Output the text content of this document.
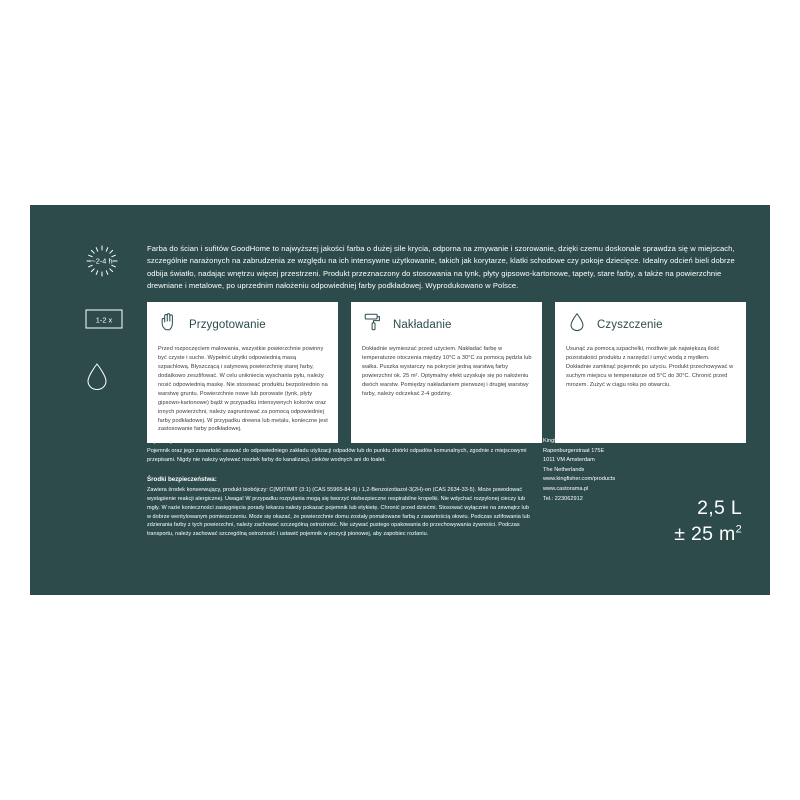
~2-4 h
1-2 x
Farba do ścian i sufitów GoodHome to najwyższej jakości farba o dużej sile krycia, odporna na zmywanie i szorowanie, dzięki czemu doskonale sprawdza się w miejscach, szczególnie narażonych na zabrudzenia ze względu na ich intensywne użytkowanie, takich jak korytarze, klatki schodowe czy pokoje dziecięce. Idealny odcień bieli dobrze odbija światło, nadając wnętrzu więcej przestrzeni. Produkt przeznaczony do stosowania na tynk, płyty gipsowo-kartonowe, tapety, stare farby, a także na powierzchnie drewniane i metalowe, po uprzednim nałożeniu odpowiedniej farby podkładowej. Wyprodukowano w Polsce.
Przygotowanie
Przed rozpoczęciem malowania, wszystkie powierzchnie powinny być czyste i suche. Wypełnić ubytki odpowiednią masą szpachlową. Błyszczącą i satynową powierzchnię starej farby, dodatkowo zeszlifować. W celu unikniecia wyschania pyłu, należy nosić odpowiednią maskę. Nie stosować produktu bezpośrednio na warstwę gruntu. Powierzchnie nowe lub porowate (tynk, płyty gipsowo-kartonowe) bądź w przypadku intensywnych kolorów oraz innych powierzchni, należy zagruntować za pomocą odpowiedniej farby podkładowej. W przypadku drewna lub metalu, konieczne jest zastosowanie farby podkładowej.
Nakładanie
Dokładnie wymieszać przed użyciem. Nakładać farbę w temperaturze otoczenia między 10°C a 30°C za pomocą pędzla lub wałka. Puszka wystarczy na pokrycie jedną warstwą farby powierzchni ok. 25 m². Optymalny efekt uzyskuje się po nałożeniu dwóch warstw. Pomiędzy nakładaniem pierwszej i drugiej warstwy farby, należy odczekać 2-4 godziny.
Czyszczenie
Usunąć za pomocą szpachelki, możliwie jak największą ilość pozostałości produktu z narzędzi i umyć wodą z mydłem. Dokładnie zamknąć pojemnik po użyciu. Produkt przechowywać w suchym miejscu w temperaturze od 5°C do 30°C. Chronić przed mrozem. Zużyć w ciągu roku po otwarciu.
Utylizacja:

Pojemnik oraz jego zawartość usuwać do odpowiedniego zakładu utylizacji odpadów lub do punktu zbiórki odpadów komunalnych, zgodnie z miejscowymi przepisami. Nigdy nie należy wylewać resztek farby do kanalizacji, cieków wodnych ani do toalet.

Środki bezpieczeństwa:

Zawiera środek konserwujący, produkt biobójczy: C(M)IT/MIT (3:1) (CAS 55965-84-9) i 1,2-Benzoizotiazol-3(2H)-on (CAS 2634-33-5). Może powodować wystąpienie reakcji alergicznej. Uwaga! W przypadku rozpylania mogą się tworzyć niebezpieczne respirabilne kropelki. Nie wdychać rozpylonej cieczy lub mgły. W razie konieczności zasięgnięcia porady lekarza należy pokazać pojemnik lub etykietę. Chronić przed dziećmi. Stosować wyłącznie na zewnątrz lub w dobrze wentylowanym pomieszczeniu. Może się okazać, że powierzchnie domu zostały pomalowane farbą z zawartością ołowiu. Podczas szlifowania lub zdzierania farby z tych powierzchni, należy zachować szczególną ostrożność. Nie używać pustego opakowania do przechowywania żywności. Podczas transportu, należy zachować szczególną ostrożność i ustawić pojemnik w pozycji pionowej, aby zapobiec rozlaniu.

Kingfisher International Products B.V.
Rapenburgerstraat 175E
1011 VM Amsterdam
The Netherlands
www.kingfisher.com/products
www.castorama.pl
Tel.: 223062912	2,5 L
± 25 $m^2$
